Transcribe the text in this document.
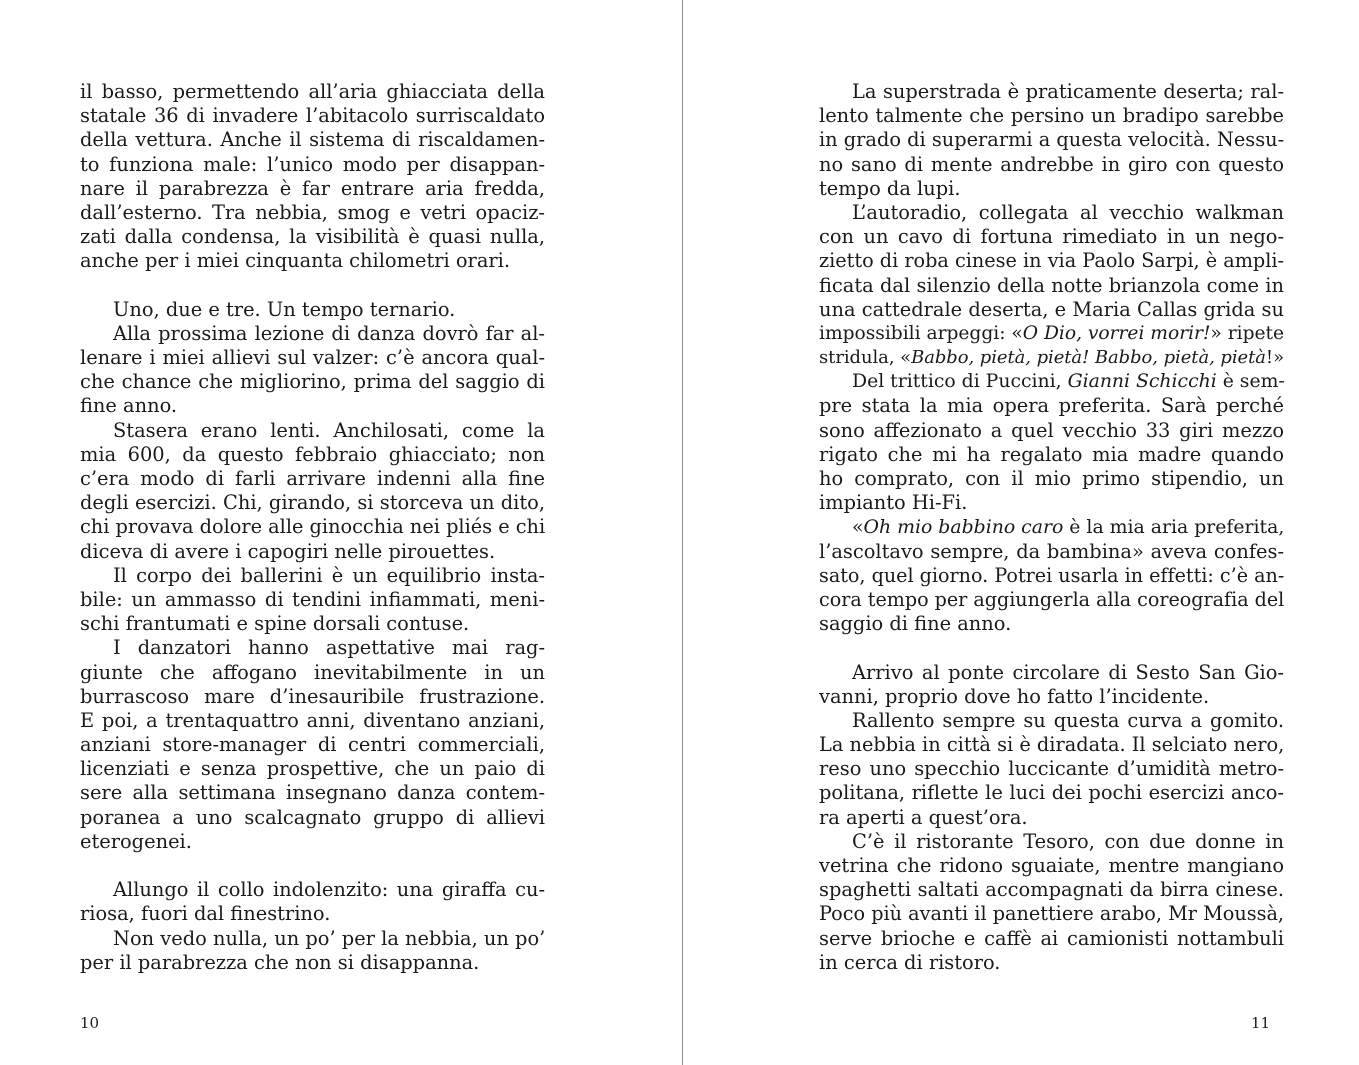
il basso, permettendo all’aria ghiacciata della
statale 36 di invadere l’abitacolo surriscaldato
della vettura. Anche il sistema di riscaldamen-
to funziona male: l’unico modo per disappan-
nare il parabrezza è far entrare aria fredda,
dall’esterno. Tra nebbia, smog e vetri opaciz-
zati dalla condensa, la visibilità è quasi nulla,
anche per i miei cinquanta chilometri orari.
Uno, due e tre. Un tempo ternario.
Alla prossima lezione di danza dovrò far al-
lenare i miei allievi sul valzer: c’è ancora qual-
che chance che migliorino, prima del saggio di
fine anno.
Stasera erano lenti. Anchilosati, come la
mia 600, da questo febbraio ghiacciato; non
c’era modo di farli arrivare indenni alla fine
degli esercizi. Chi, girando, si storceva un dito,
chi provava dolore alle ginocchia nei pliés e chi
diceva di avere i capogiri nelle pirouettes.
Il corpo dei ballerini è un equilibrio insta-
bile: un ammasso di tendini infiammati, meni-
schi frantumati e spine dorsali contuse.
I danzatori hanno aspettative mai rag-
giunte che affogano inevitabilmente in un
burrascoso mare d’inesauribile frustrazione.
E poi, a trentaquattro anni, diventano anziani,
anziani store-manager di centri commerciali,
licenziati e senza prospettive, che un paio di
sere alla settimana insegnano danza contem-
poranea a uno scalcagnato gruppo di allievi
eterogenei.
Allungo il collo indolenzito: una giraffa cu-
riosa, fuori dal finestrino.
Non vedo nulla, un po’ per la nebbia, un po’
per il parabrezza che non si disappanna.
10
La superstrada è praticamente deserta; ral-
lento talmente che persino un bradipo sarebbe
in grado di superarmi a questa velocità. Nessu-
no sano di mente andrebbe in giro con questo
tempo da lupi.
L’autoradio, collegata al vecchio walkman
con un cavo di fortuna rimediato in un nego-
zietto di roba cinese in via Paolo Sarpi, è ampli-
ficata dal silenzio della notte brianzola come in
una cattedrale deserta, e Maria Callas grida su
impossibili arpeggi: «O Dio, vorrei morir!» ripete
stridula, «Babbo, pietà, pietà! Babbo, pietà, pietà!»
Del trittico di Puccini, Gianni Schicchi è sem-
pre stata la mia opera preferita. Sarà perché
sono affezionato a quel vecchio 33 giri mezzo
rigato che mi ha regalato mia madre quando
ho comprato, con il mio primo stipendio, un
impianto Hi-Fi.
«Oh mio babbino caro è la mia aria preferita,
l’ascoltavo sempre, da bambina» aveva confes-
sato, quel giorno. Potrei usarla in effetti: c’è an-
cora tempo per aggiungerla alla coreografia del
saggio di fine anno.
Arrivo al ponte circolare di Sesto San Gio-
vanni, proprio dove ho fatto l’incidente.
Rallento sempre su questa curva a gomito.
La nebbia in città si è diradata. Il selciato nero,
reso uno specchio luccicante d’umidità metro-
politana, riflette le luci dei pochi esercizi anco-
ra aperti a quest’ora.
C’è il ristorante Tesoro, con due donne in
vetrina che ridono sguaiate, mentre mangiano
spaghetti saltati accompagnati da birra cinese.
Poco più avanti il panettiere arabo, Mr Moussà,
serve brioche e caffè ai camionisti nottambuli
in cerca di ristoro.
11
